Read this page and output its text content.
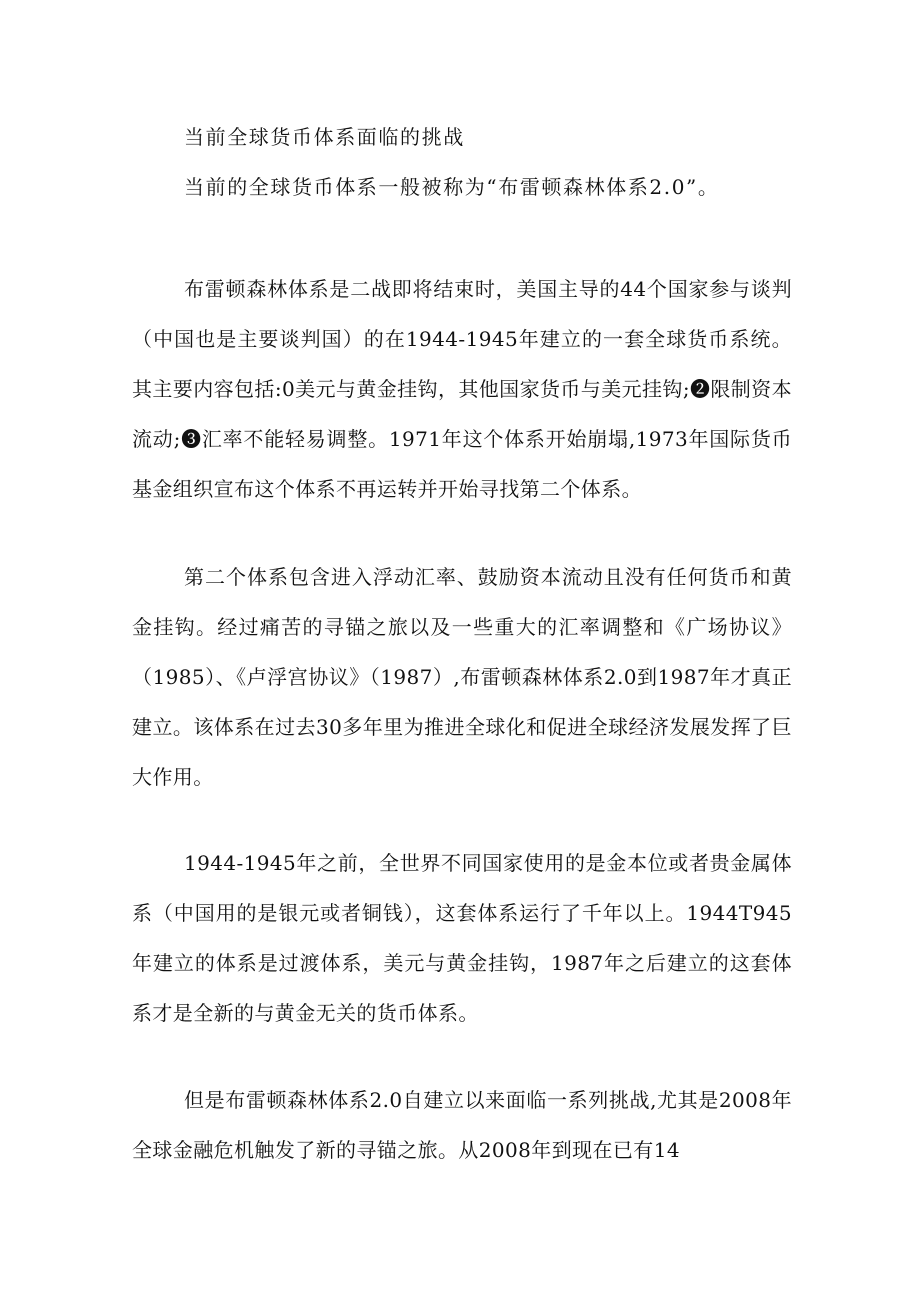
当前全球货币体系面临的挑战
当前的全球货币体系一般被称为“布雷顿森林体系2.0”。
布雷顿森林体系是二战即将结束时，美国主导的44个国家参与谈判（中国也是主要谈判国）的在1944-1945年建立的一套全球货币系统。其主要内容包括:0美元与黄金挂钩，其他国家货币与美元挂钩;❷限制资本流动;❸汇率不能轻易调整。1971年这个体系开始崩塌,1973年国际货币基金组织宣布这个体系不再运转并开始寻找第二个体系。
第二个体系包含进入浮动汇率、鼓励资本流动且没有任何货币和黄金挂钩。经过痛苦的寻锚之旅以及一些重大的汇率调整和《广场协议》（1985）、《卢浮宫协议》（1987）,布雷顿森林体系2.0到1987年才真正建立。该体系在过去30多年里为推进全球化和促进全球经济发展发挥了巨大作用。
1944-1945年之前，全世界不同国家使用的是金本位或者贵金属体系（中国用的是银元或者铜钱），这套体系运行了千年以上。1944T945年建立的体系是过渡体系，美元与黄金挂钩，1987年之后建立的这套体系才是全新的与黄金无关的货币体系。
但是布雷顿森林体系2.0自建立以来面临一系列挑战,尤其是2008年全球金融危机触发了新的寻锚之旅。从2008年到现在已有14
